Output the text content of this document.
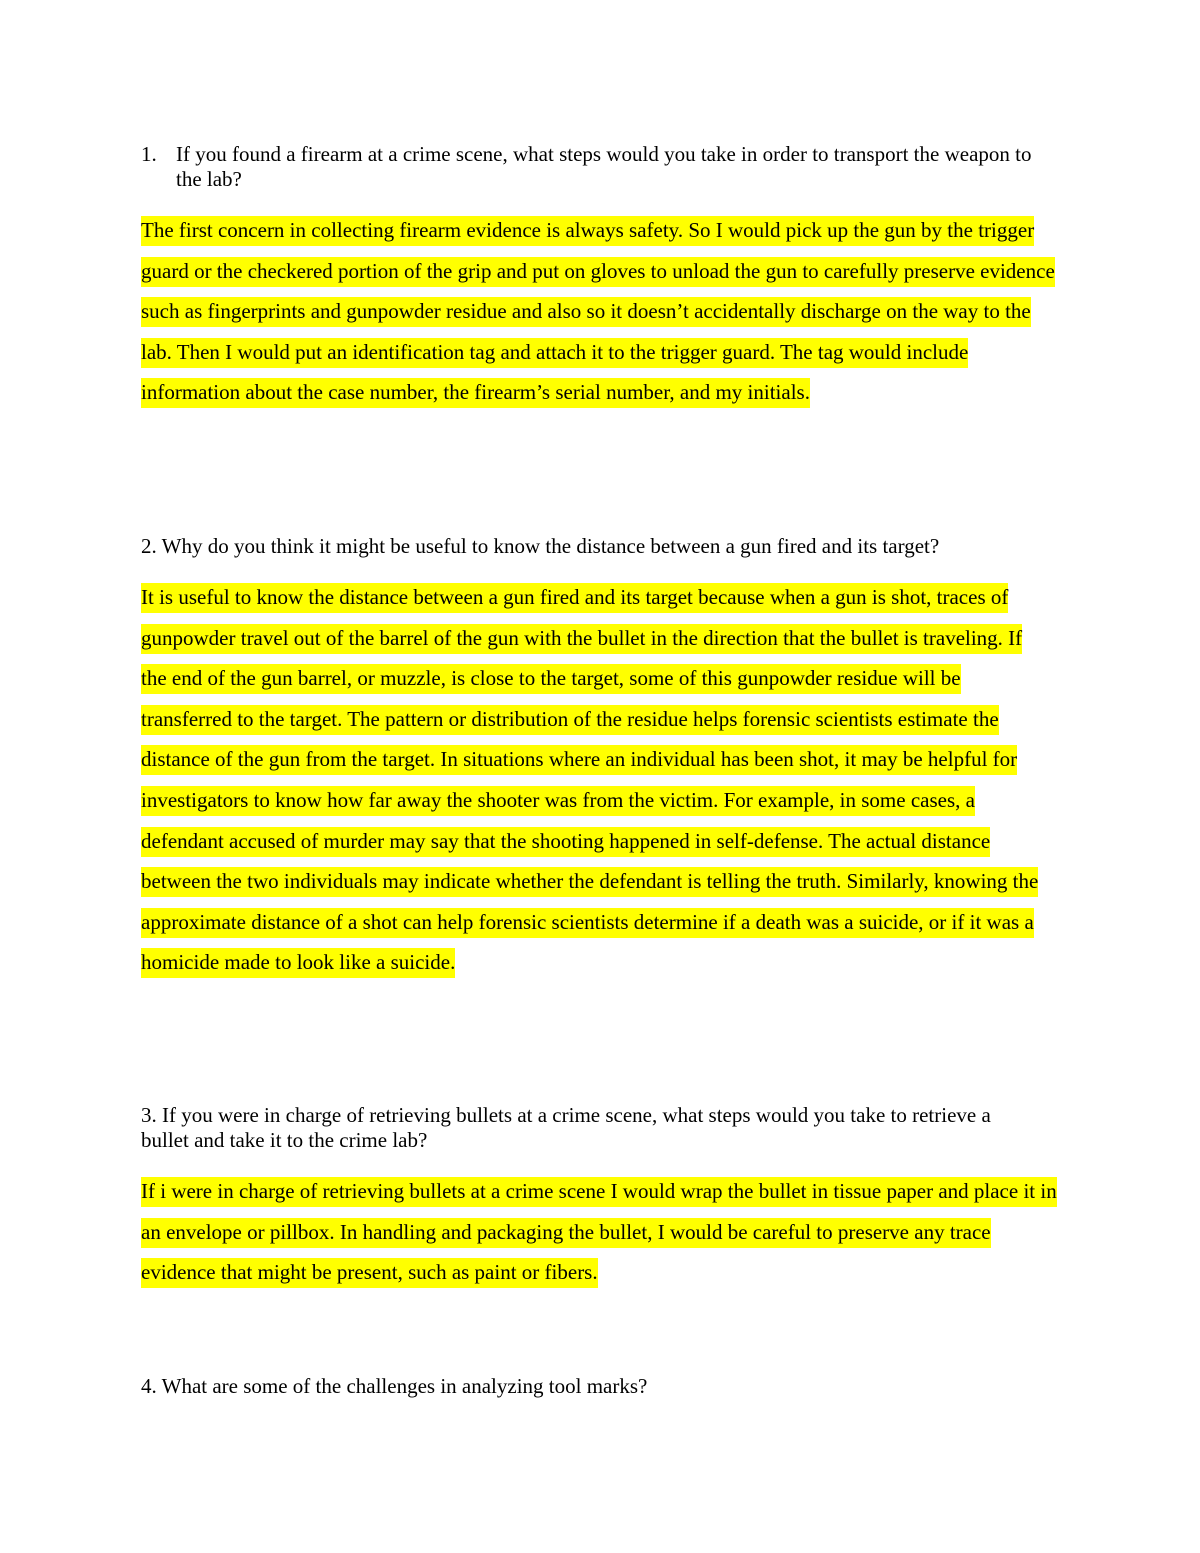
1. If you found a firearm at a crime scene, what steps would you take in order to transport the weapon to the lab?

The first concern in collecting firearm evidence is always safety. So I would pick up the gun by the trigger guard or the checkered portion of the grip and put on gloves to unload the gun to carefully preserve evidence such as fingerprints and gunpowder residue and also so it doesn’t accidentally discharge on the way to the lab. Then I would put an identification tag and attach it to the trigger guard. The tag would include information about the case number, the firearm’s serial number, and my initials.

2. Why do you think it might be useful to know the distance between a gun fired and its target?

It is useful to know the distance between a gun fired and its target because when a gun is shot, traces of gunpowder travel out of the barrel of the gun with the bullet in the direction that the bullet is traveling. If the end of the gun barrel, or muzzle, is close to the target, some of this gunpowder residue will be transferred to the target. The pattern or distribution of the residue helps forensic scientists estimate the distance of the gun from the target. In situations where an individual has been shot, it may be helpful for investigators to know how far away the shooter was from the victim. For example, in some cases, a defendant accused of murder may say that the shooting happened in self-defense. The actual distance between the two individuals may indicate whether the defendant is telling the truth. Similarly, knowing the approximate distance of a shot can help forensic scientists determine if a death was a suicide, or if it was a homicide made to look like a suicide.

3. If you were in charge of retrieving bullets at a crime scene, what steps would you take to retrieve a bullet and take it to the crime lab?

If i were in charge of retrieving bullets at a crime scene I would wrap the bullet in tissue paper and place it in an envelope or pillbox. In handling and packaging the bullet, I would be careful to preserve any trace evidence that might be present, such as paint or fibers.

4. What are some of the challenges in analyzing tool marks?
